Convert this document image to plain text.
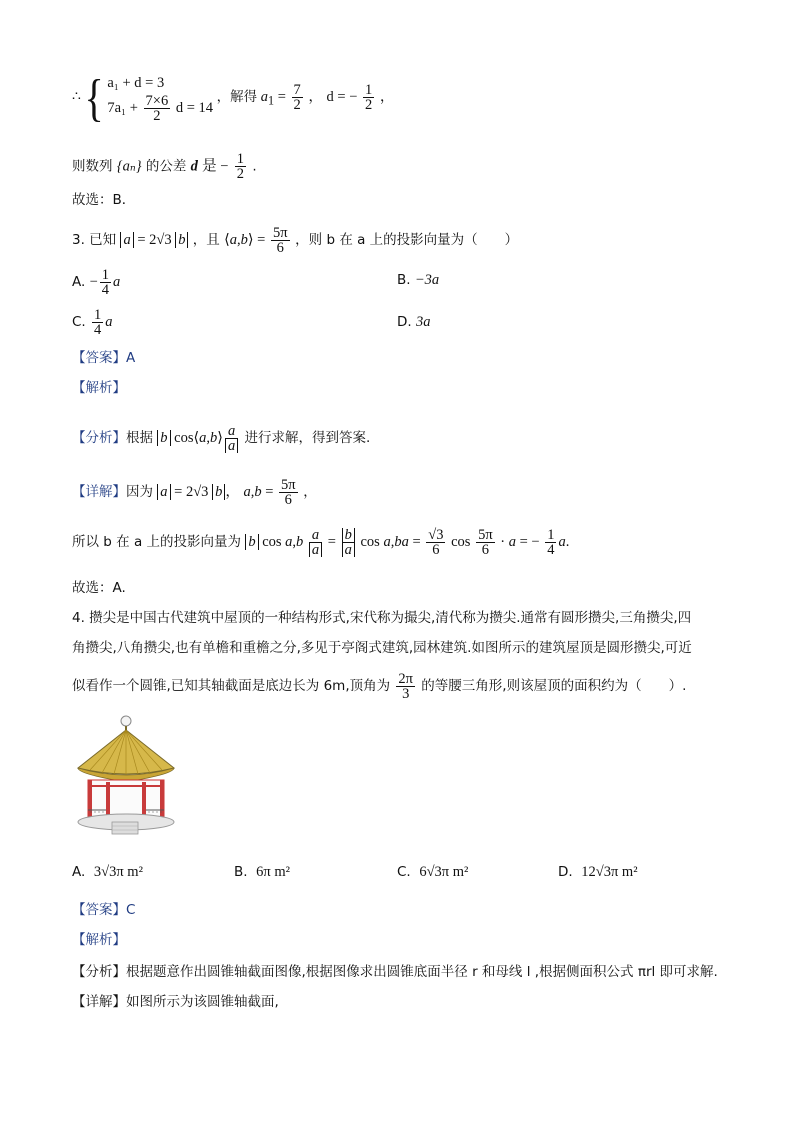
∴ { a₁ + d = 3
$7a_1 + \frac{7\times 6}{2}$ d = 14
，解得 $a_1 = \frac{7}{2}$ ， d = − $\frac{1}{2}$ ，
则数列 {aₙ} 的公差 d 是 − $\frac{1}{2}$ .
故选：B．
3. 已知 a = 2√3 b ，且 ⟨a,b⟩ = $\frac{5\pi}{6}$ ，则 b 在 a 上的投影向量为（　　）
A. − $\frac{1}{4}$ a	B. −3a
C. $\frac{1}{4}$ a	D. 3a
【答案】A
【解析】
【分析】根据 b cos⟨a,b⟩ $\frac{a}{a}$ 进行求解，得到答案.
【详解】因为 a = 2√3 b ， $a,b = \frac{5\pi}{6}$ ，
所以 b 在 a 上的投影向量为 b $\cos a,b \frac{a}{a} = \frac{b}{a}$ $\cos a,ba = \frac{√3}{6}$ $\cos \frac{5\pi}{6} \cdot a$ = − $\frac{1}{4} a$.
故选：A.
4. 攒尖是中国古代建筑中屋顶的一种结构形式,宋代称为撮尖,清代称为攒尖.通常有圆形攒尖,三角攒尖,四
角攒尖,八角攒尖,也有单檐和重檐之分,多见于亭阁式建筑,园林建筑.如图所示的建筑屋顶是圆形攒尖,可近
似看作一个圆锥,已知其轴截面是底边长为 6m,顶角为 $\frac{2\pi}{3}$ 的等腰三角形,则该屋顶的面积约为（　　）.
A. 3√3π m²	B. 6π m²	C. 6√3π m²	D. 12√3π m²
【答案】C
【解析】
【分析】根据题意作出圆锥轴截面图像,根据图像求出圆锥底面半径 r 和母线 l ,根据侧面积公式 πrl 即可求解.
【详解】如图所示为该圆锥轴截面,
